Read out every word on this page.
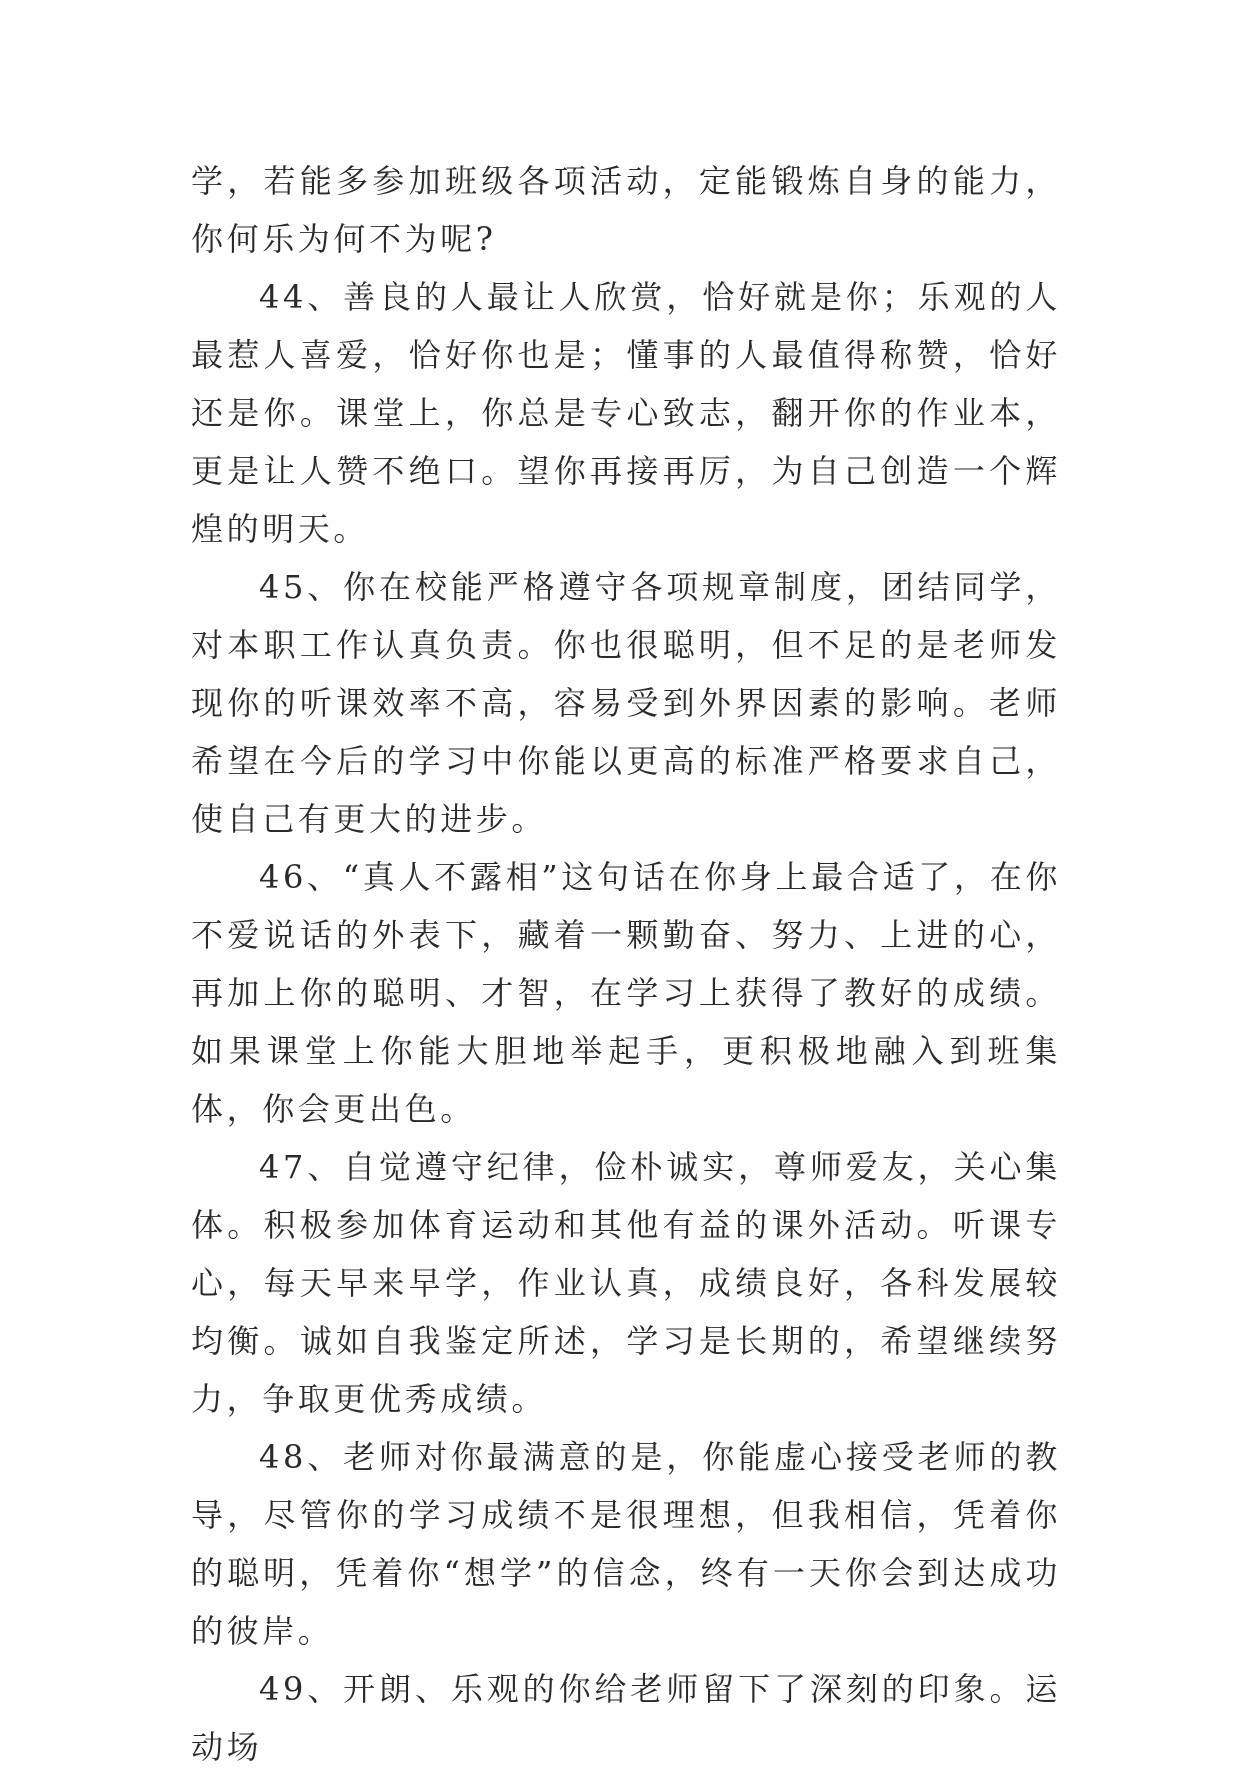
学，若能多参加班级各项活动，定能锻炼自身的能力，你何乐为何不为呢?

44、善良的人最让人欣赏，恰好就是你；乐观的人最惹人喜爱，恰好你也是；懂事的人最值得称赞，恰好还是你。课堂上，你总是专心致志，翻开你的作业本，更是让人赞不绝口。望你再接再厉，为自己创造一个辉煌的明天。

45、你在校能严格遵守各项规章制度，团结同学，对本职工作认真负责。你也很聪明，但不足的是老师发现你的听课效率不高，容易受到外界因素的影响。老师希望在今后的学习中你能以更高的标准严格要求自己，使自己有更大的进步。

46、“真人不露相”这句话在你身上最合适了，在你不爱说话的外表下，藏着一颗勤奋、努力、上进的心，再加上你的聪明、才智，在学习上获得了教好的成绩。如果课堂上你能大胆地举起手，更积极地融入到班集体，你会更出色。

47、自觉遵守纪律，俭朴诚实，尊师爱友，关心集体。积极参加体育运动和其他有益的课外活动。听课专心，每天早来早学，作业认真，成绩良好，各科发展较均衡。诚如自我鉴定所述，学习是长期的，希望继续努力，争取更优秀成绩。

48、老师对你最满意的是，你能虚心接受老师的教导，尽管你的学习成绩不是很理想，但我相信，凭着你的聪明，凭着你“想学”的信念，终有一天你会到达成功的彼岸。

49、开朗、乐观的你给老师留下了深刻的印象。运动场
